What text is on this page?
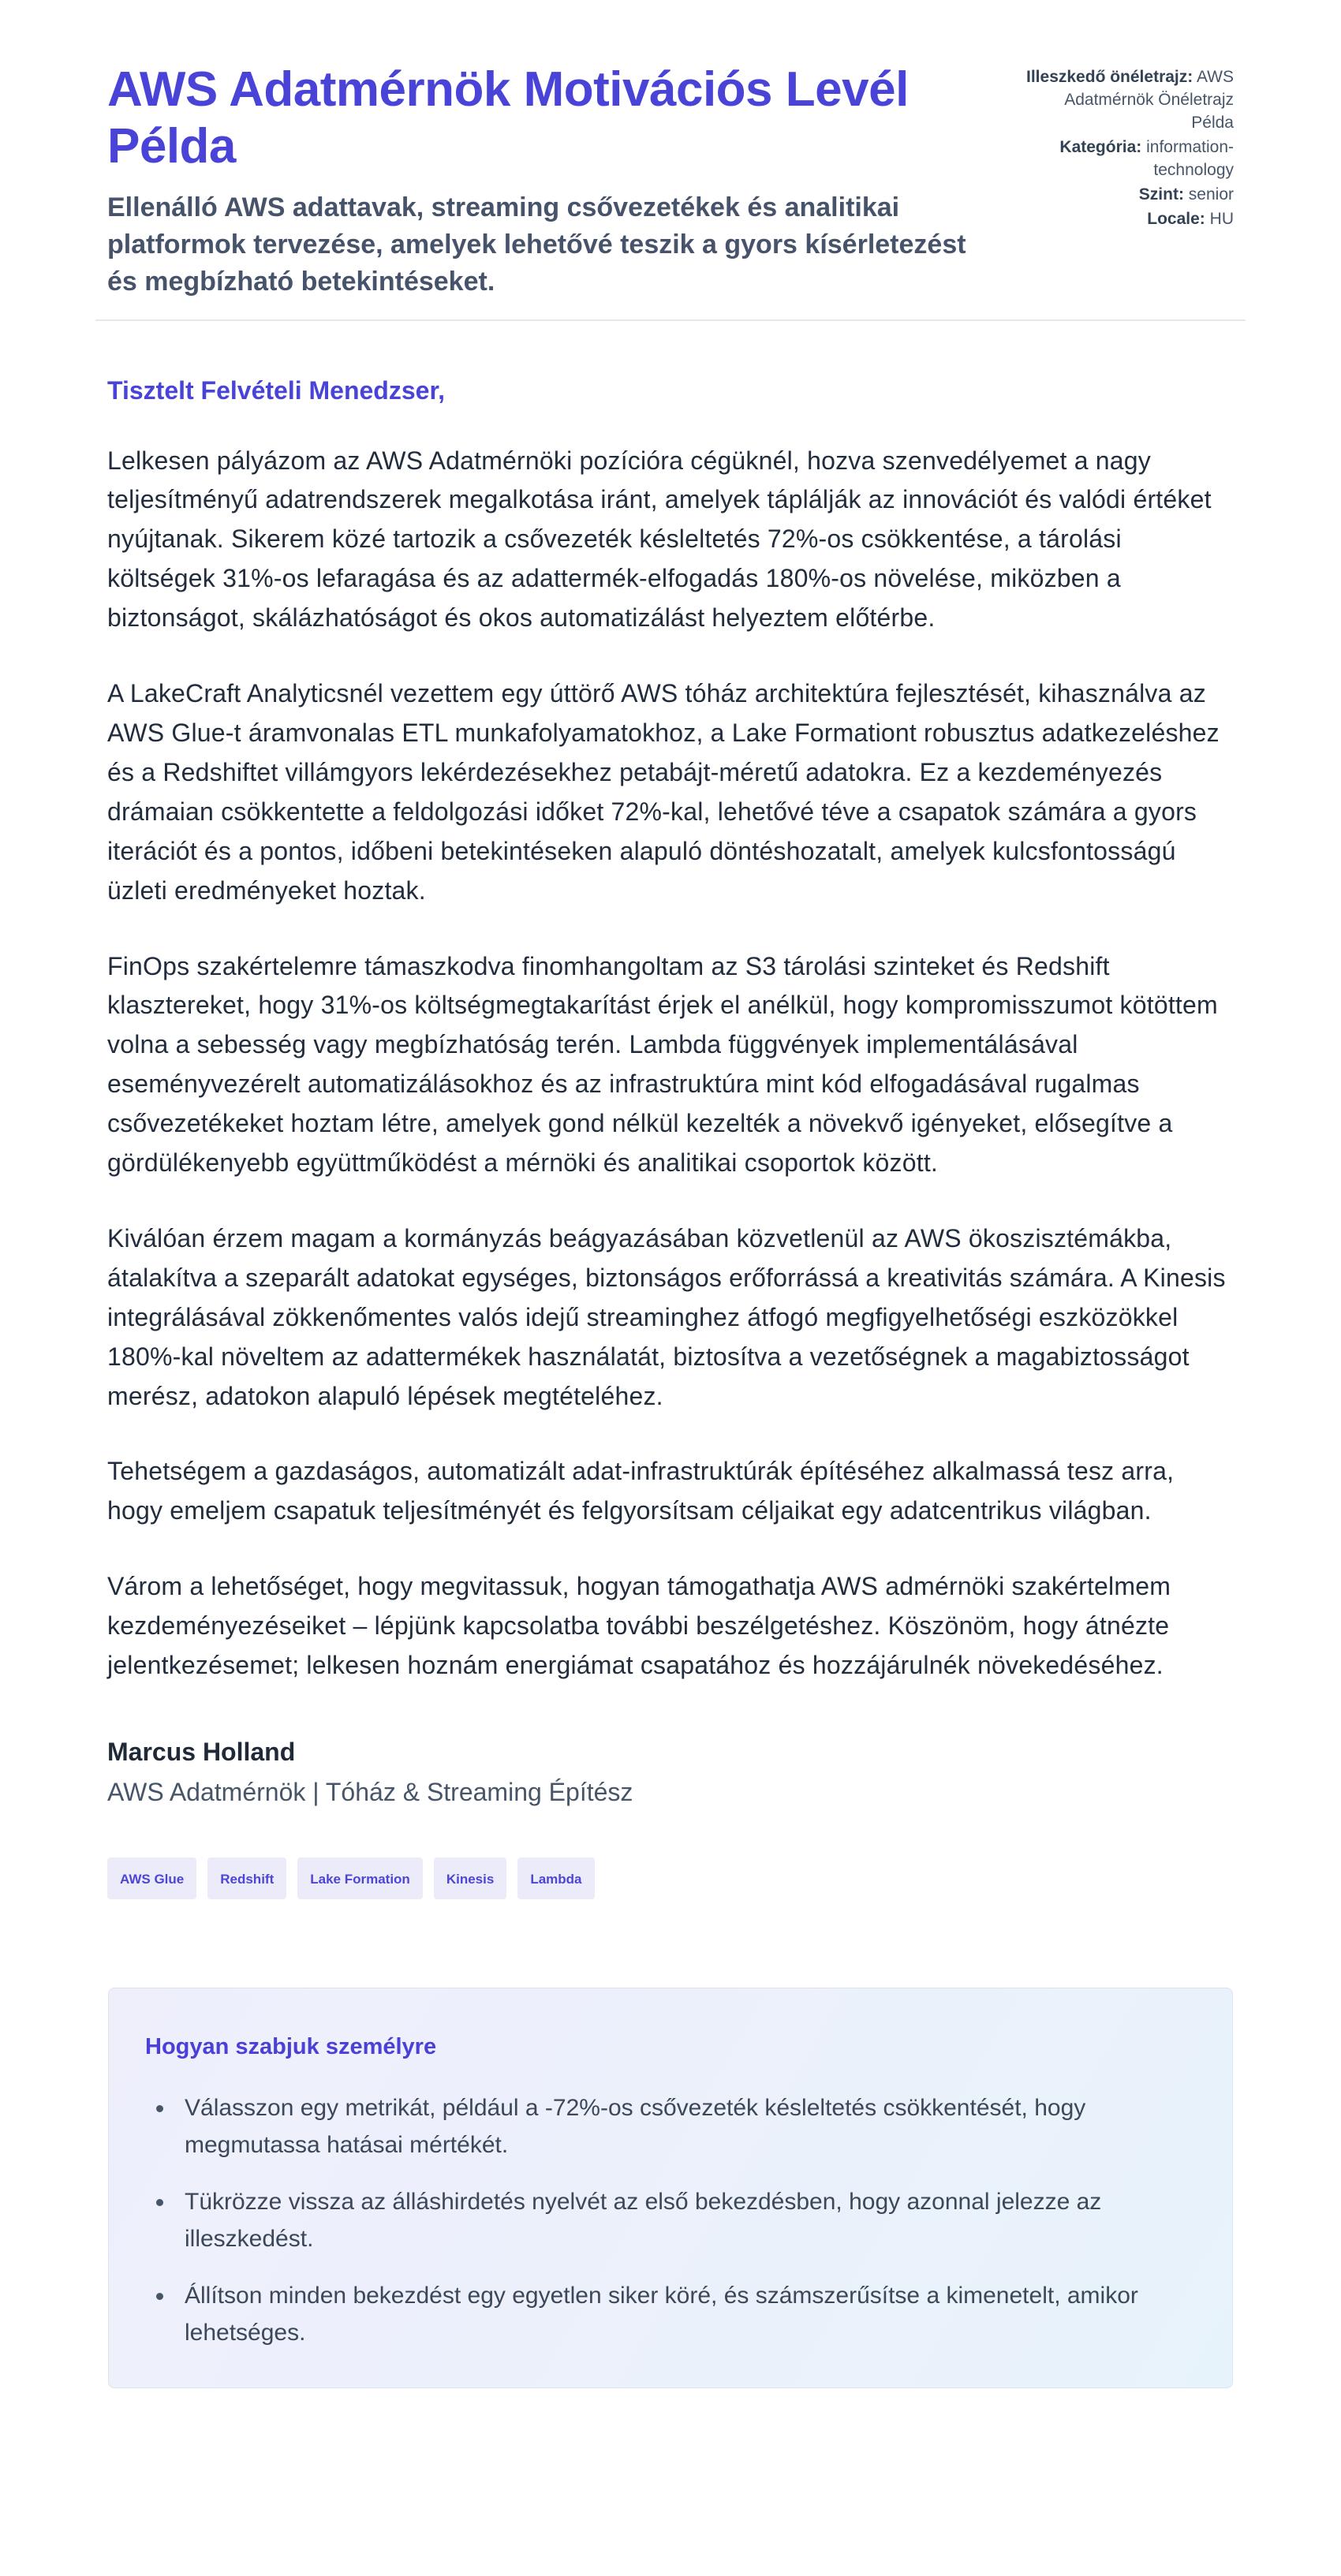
AWS Adatmérnök Motivációs Levél Példa

Ellenálló AWS adattavak, streaming csővezetékek és analitikai platformok tervezése, amelyek lehetővé teszik a gyors kísérletezést és megbízható betekintéseket.

Illeszkedő önéletrajz: AWS Adatmérnök Önéletrajz Példa
Kategória: information-technology
Szint: senior
Locale: HU

Tisztelt Felvételi Menedzser,

Lelkesen pályázom az AWS Adatmérnöki pozícióra cégüknél, hozva szenvedélyemet a nagy teljesítményű adatrendszerek megalkotása iránt, amelyek táplálják az innovációt és valódi értéket nyújtanak. Sikerem közé tartozik a csővezeték késleltetés 72%-os csökkentése, a tárolási költségek 31%-os lefaragása és az adattermék-elfogadás 180%-os növelése, miközben a biztonságot, skálázhatóságot és okos automatizálást helyeztem előtérbe.

A LakeCraft Analyticsnél vezettem egy úttörő AWS tóház architektúra fejlesztését, kihasználva az AWS Glue-t áramvonalas ETL munkafolyamatokhoz, a Lake Formationt robusztus adatkezeléshez és a Redshiftet villámgyors lekérdezésekhez petabájt-méretű adatokra. Ez a kezdeményezés drámaian csökkentette a feldolgozási időket 72%-kal, lehetővé téve a csapatok számára a gyors iterációt és a pontos, időbeni betekintéseken alapuló döntéshozatalt, amelyek kulcsfontosságú üzleti eredményeket hoztak.

FinOps szakértelemre támaszkodva finomhangoltam az S3 tárolási szinteket és Redshift klasztereket, hogy 31%-os költségmegtakarítást érjek el anélkül, hogy kompromisszumot kötöttem volna a sebesség vagy megbízhatóság terén. Lambda függvények implementálásával eseményvezérelt automatizálásokhoz és az infrastruktúra mint kód elfogadásával rugalmas csővezetékeket hoztam létre, amelyek gond nélkül kezelték a növekvő igényeket, elősegítve a gördülékenyebb együttműködést a mérnöki és analitikai csoportok között.

Kiválóan érzem magam a kormányzás beágyazásában közvetlenül az AWS ökoszisztémákba, átalakítva a szeparált adatokat egységes, biztonságos erőforrássá a kreativitás számára. A Kinesis integrálásával zökkenőmentes valós idejű streaminghez átfogó megfigyelhetőségi eszközökkel 180%-kal növeltem az adattermékek használatát, biztosítva a vezetőségnek a magabiztosságot merész, adatokon alapuló lépések megtételéhez.

Tehetségem a gazdaságos, automatizált adat-infrastruktúrák építéséhez alkalmassá tesz arra, hogy emeljem csapatuk teljesítményét és felgyorsítsam céljaikat egy adatcentrikus világban.

Várom a lehetőséget, hogy megvitassuk, hogyan támogathatja AWS admérnöki szakértelmem kezdeményezéseiket – lépjünk kapcsolatba további beszélgetéshez. Köszönöm, hogy átnézte jelentkezésemet; lelkesen hoznám energiámat csapatához és hozzájárulnék növekedéséhez.

Marcus Holland

AWS Adatmérnök | Tóház & Streaming Építész

AWS Glue	Redshift	Lake Formation	Kinesis	Lambda
Hogyan szabjuk személyre
• Válasszon egy metrikát, például a -72%-os csővezeték késleltetés csökkentését, hogy megmutassa hatásai mértékét.
• Tükrözze vissza az álláshirdetés nyelvét az első bekezdésben, hogy azonnal jelezze az illeszkedést.
• Állítson minden bekezdést egy egyetlen siker köré, és számszerűsítse a kimenetelt, amikor lehetséges.
